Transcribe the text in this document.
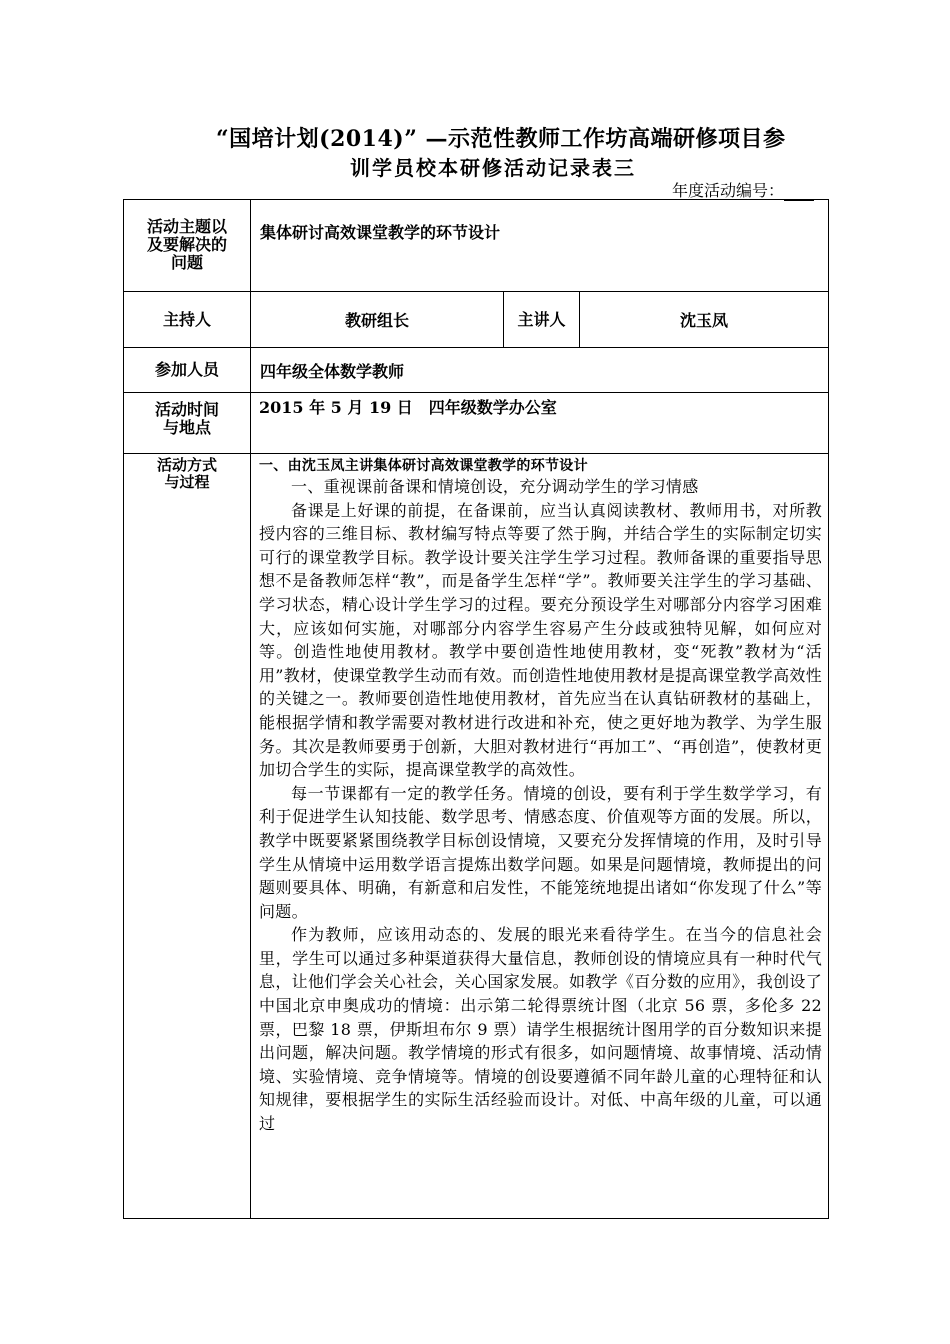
“国培计划(2014)” —示范性教师工作坊高端研修项目参
训学员校本研修活动记录表三
年度活动编号：
活动主题以及要解决的问题	集体研讨高效课堂教学的环节设计		
主持人	教研组长	主讲人	沈玉凤
参加人员	四年级全体数学教师		

活动时间与地点	2015 年 5 月 19 日　四年级数学办公室		

活动方式与过程	一、由沈玉凤主讲集体研讨高效课堂教学的环节设计

一、重视课前备课和情境创设，充分调动学生的学习情感

备课是上好课的前提，在备课前，应当认真阅读教材、教师用书，对所教授内容的三维目标、教材编写特点等要了然于胸，并结合学生的实际制定切实可行的课堂教学目标。教学设计要关注学生学习过程。教师备课的重要指导思想不是备教师怎样“教”，而是备学生怎样“学”。教师要关注学生的学习基础、学习状态，精心设计学生学习的过程。要充分预设学生对哪部分内容学习困难大，应该如何实施，对哪部分内容学生容易产生分歧或独特见解，如何应对等。创造性地使用教材。教学中要创造性地使用教材，变“死教”教材为“活用”教材，使课堂教学生动而有效。而创造性地使用教材是提高课堂教学高效性的关键之一。教师要创造性地使用教材，首先应当在认真钻研教材的基础上，能根据学情和教学需要对教材进行改进和补充，使之更好地为教学、为学生服务。其次是教师要勇于创新，大胆对教材进行“再加工”、“再创造”，使教材更加切合学生的实际，提高课堂教学的高效性。

每一节课都有一定的教学任务。情境的创设，要有利于学生数学学习，有利于促进学生认知技能、数学思考、情感态度、价值观等方面的发展。所以，教学中既要紧紧围绕教学目标创设情境，又要充分发挥情境的作用，及时引导学生从情境中运用数学语言提炼出数学问题。如果是问题情境，教师提出的问题则要具体、明确，有新意和启发性，不能笼统地提出诸如“你发现了什么”等问题。

作为教师，应该用动态的、发展的眼光来看待学生。在当今的信息社会里，学生可以通过多种渠道获得大量信息，教师创设的情境应具有一种时代气息，让他们学会关心社会，关心国家发展。如教学《百分数的应用》，我创设了中国北京申奥成功的情境：出示第二轮得票统计图（北京 56 票，多伦多 22 票，巴黎 18 票，伊斯坦布尔 9 票）请学生根据统计图用学的百分数知识来提出问题，解决问题。教学情境的形式有很多，如问题情境、故事情境、活动情境、实验情境、竞争情境等。情境的创设要遵循不同年龄儿童的心理特征和认知规律，要根据学生的实际生活经验而设计。对低、中高年级的儿童，可以通过		
